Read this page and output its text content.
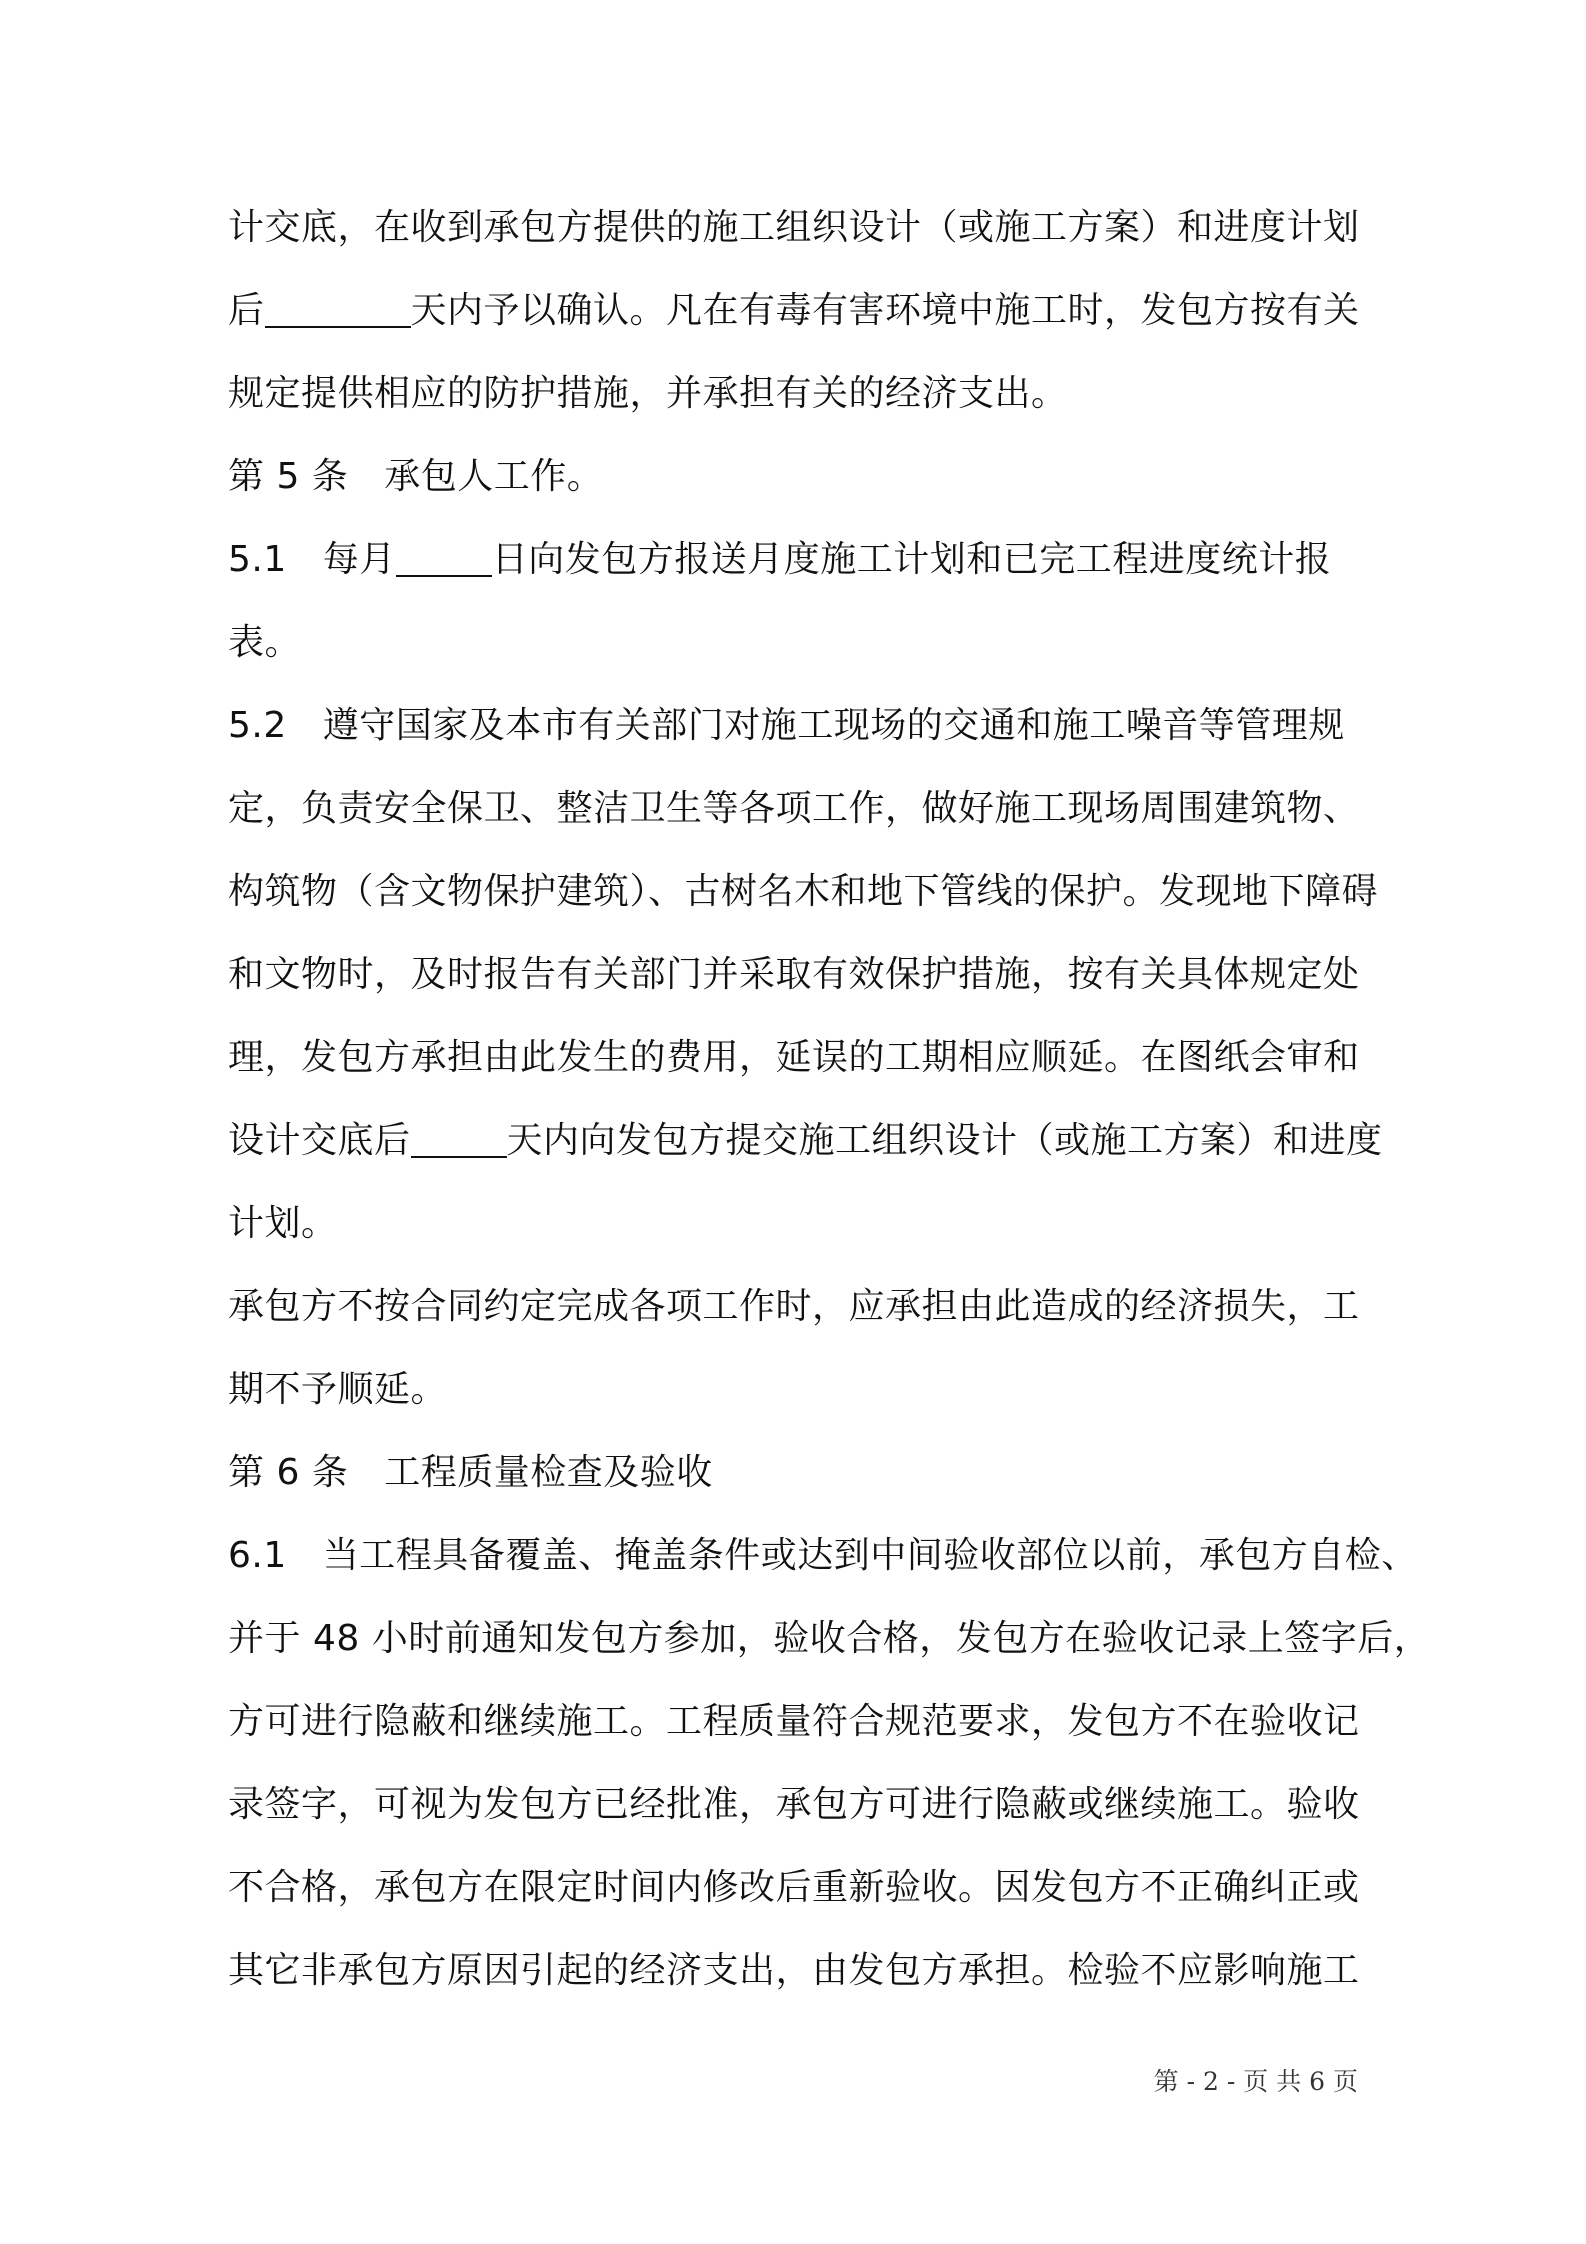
计交底，在收到承包方提供的施工组织设计（或施工方案）和进度计划
后	天内予以确认。凡在有毒有害环境中施工时，发包方按有关
规定提供相应的防护措施，并承担有关的经济支出。
第 5 条 承包人工作。
5.1 每月	日向发包方报送月度施工计划和已完工程进度统计报
表。
5.2 遵守国家及本市有关部门对施工现场的交通和施工噪音等管理规
定，负责安全保卫、整洁卫生等各项工作，做好施工现场周围建筑物、
构筑物（含文物保护建筑）、古树名木和地下管线的保护。发现地下障碍
和文物时，及时报告有关部门并采取有效保护措施，按有关具体规定处
理，发包方承担由此发生的费用，延误的工期相应顺延。在图纸会审和
设计交底后	天内向发包方提交施工组织设计（或施工方案）和进度
计划。
承包方不按合同约定完成各项工作时，应承担由此造成的经济损失，工
期不予顺延。
第 6 条 工程质量检查及验收
6.1 当工程具备覆盖、掩盖条件或达到中间验收部位以前，承包方自检、
并于 48 小时前通知发包方参加，验收合格，发包方在验收记录上签字后，
方可进行隐蔽和继续施工。工程质量符合规范要求，发包方不在验收记
录签字，可视为发包方已经批准，承包方可进行隐蔽或继续施工。验收
不合格，承包方在限定时间内修改后重新验收。因发包方不正确纠正或
其它非承包方原因引起的经济支出，由发包方承担。检验不应影响施工
第 - 2 - 页 共 6 页
